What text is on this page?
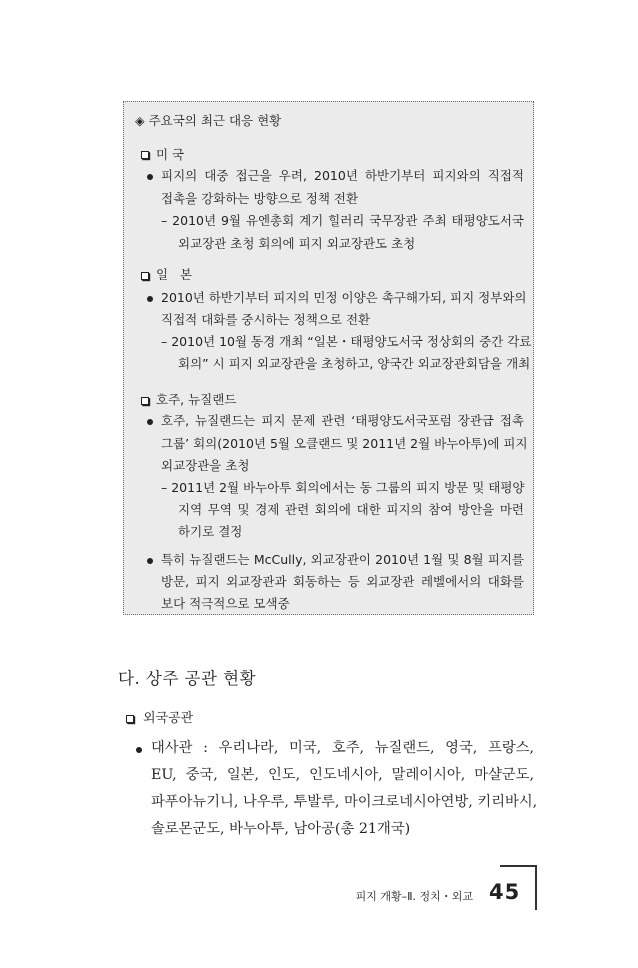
◈ 주요국의 최근 대응 현황
미 국
피지의 대중 접근을 우려, 2010년 하반기부터 피지와의 직접적
접촉을 강화하는 방향으로 정책 전환
– 2010년 9월 유엔총회 계기 힐러리 국무장관 주최 태평양도서국
외교장관 초청 회의에 피지 외교장관도 초청
일   본
2010년 하반기부터 피지의 민정 이양은 촉구해가되, 피지 정부와의
직접적 대화를 중시하는 정책으로 전환
– 2010년 10월 동경 개최 “일본・태평양도서국 정상회의 중간 각료
회의” 시 피지 외교장관을 초청하고, 양국간 외교장관회담을 개최
호주, 뉴질랜드
호주, 뉴질랜드는 피지 문제 관련 ‘태평양도서국포럼 장관급 접촉
그룹’ 회의(2010년 5월 오클랜드 및 2011년 2월 바누아투)에 피지
외교장관을 초청
– 2011년 2월 바누아투 회의에서는 동 그룹의 피지 방문 및 태평양
지역 무역 및 경제 관련 회의에 대한 피지의 참여 방안을 마련
하기로 결정
특히 뉴질랜드는 McCully, 외교장관이 2010년 1월 및 8월 피지를
방문, 피지 외교장관과 회동하는 등 외교장관 레벨에서의 대화를
보다 적극적으로 모색중
다. 상주 공관 현황
외국공관
대사관 : 우리나라, 미국, 호주, 뉴질랜드, 영국, 프랑스,
EU, 중국, 일본, 인도, 인도네시아, 말레이시아, 마샬군도,
파푸아뉴기니, 나우루, 투발루, 마이크로네시아연방, 키리바시,
솔로몬군도, 바누아투, 남아공(총 21개국)
피지 개황–Ⅱ. 정치・외교 45
